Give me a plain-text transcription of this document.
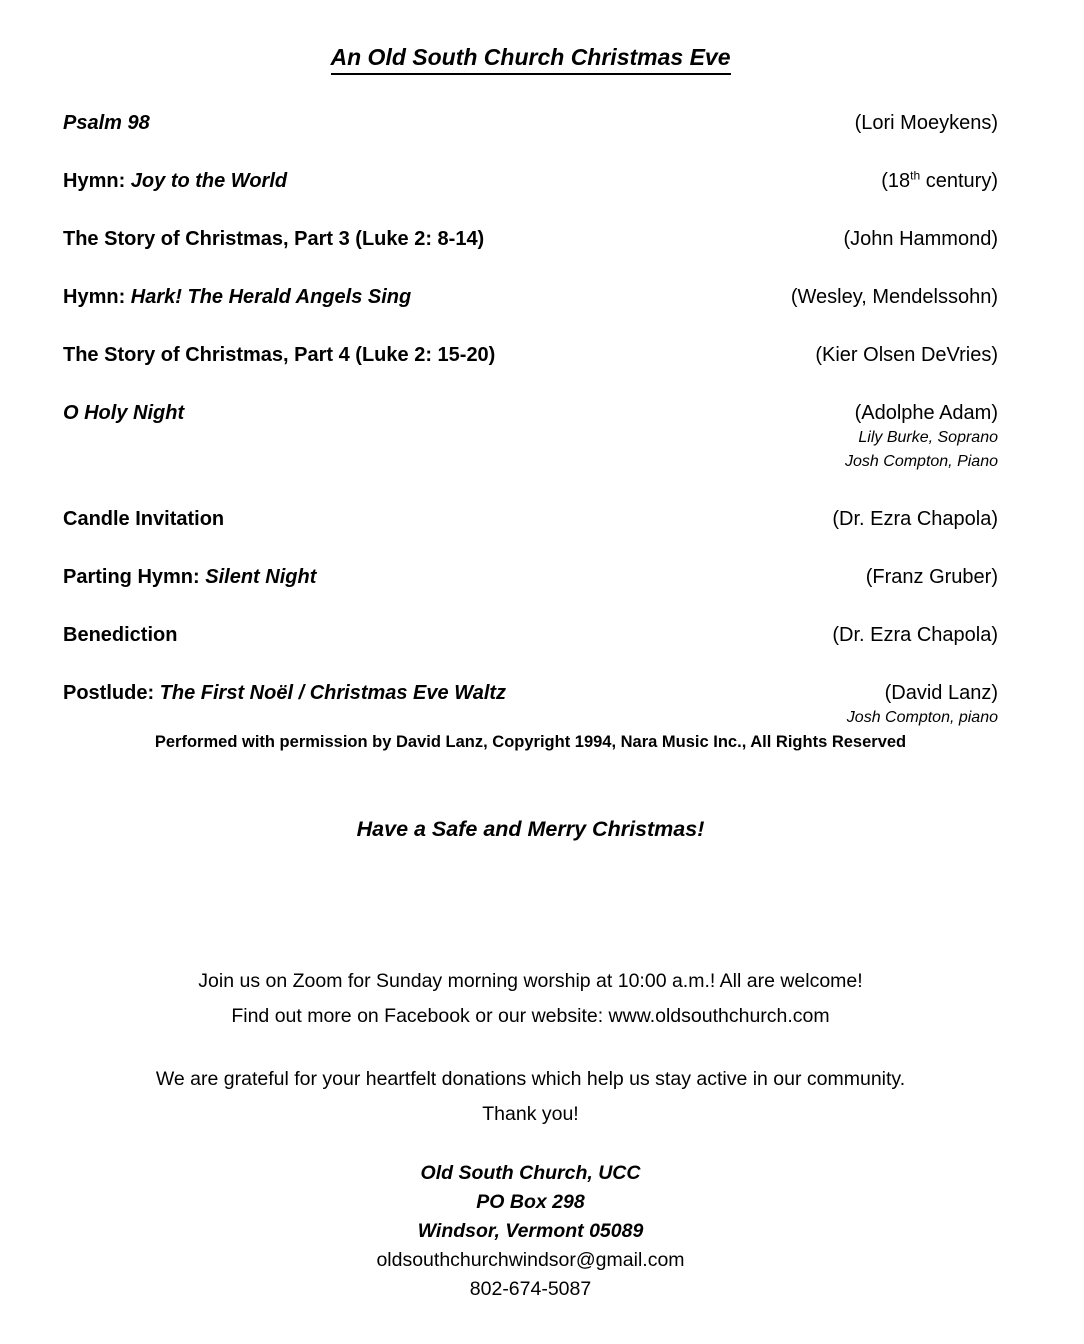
An Old South Church Christmas Eve
Psalm 98	(Lori Moeykens)
Hymn: Joy to the World	(18th century)
The Story of Christmas, Part 3 (Luke 2: 8-14)	(John Hammond)
Hymn: Hark! The Herald Angels Sing	(Wesley, Mendelssohn)
The Story of Christmas, Part 4 (Luke 2: 15-20)	(Kier Olsen DeVries)
O Holy Night	(Adolphe Adam)
Lily Burke, Soprano
Josh Compton, Piano
Candle Invitation	(Dr. Ezra Chapola)
Parting Hymn: Silent Night	(Franz Gruber)
Benediction	(Dr. Ezra Chapola)
Postlude: The First Noël / Christmas Eve Waltz	(David Lanz)
Josh Compton, piano
Performed with permission by David Lanz, Copyright 1994, Nara Music Inc., All Rights Reserved
Have a Safe and Merry Christmas!

Join us on Zoom for Sunday morning worship at 10:00 a.m.! All are welcome!

Find out more on Facebook or our website: www.oldsouthchurch.com

We are grateful for your heartfelt donations which help us stay active in our community.

Thank you!

Old South Church, UCC

PO Box 298

Windsor, Vermont 05089

oldsouthchurchwindsor@gmail.com

802-674-5087
